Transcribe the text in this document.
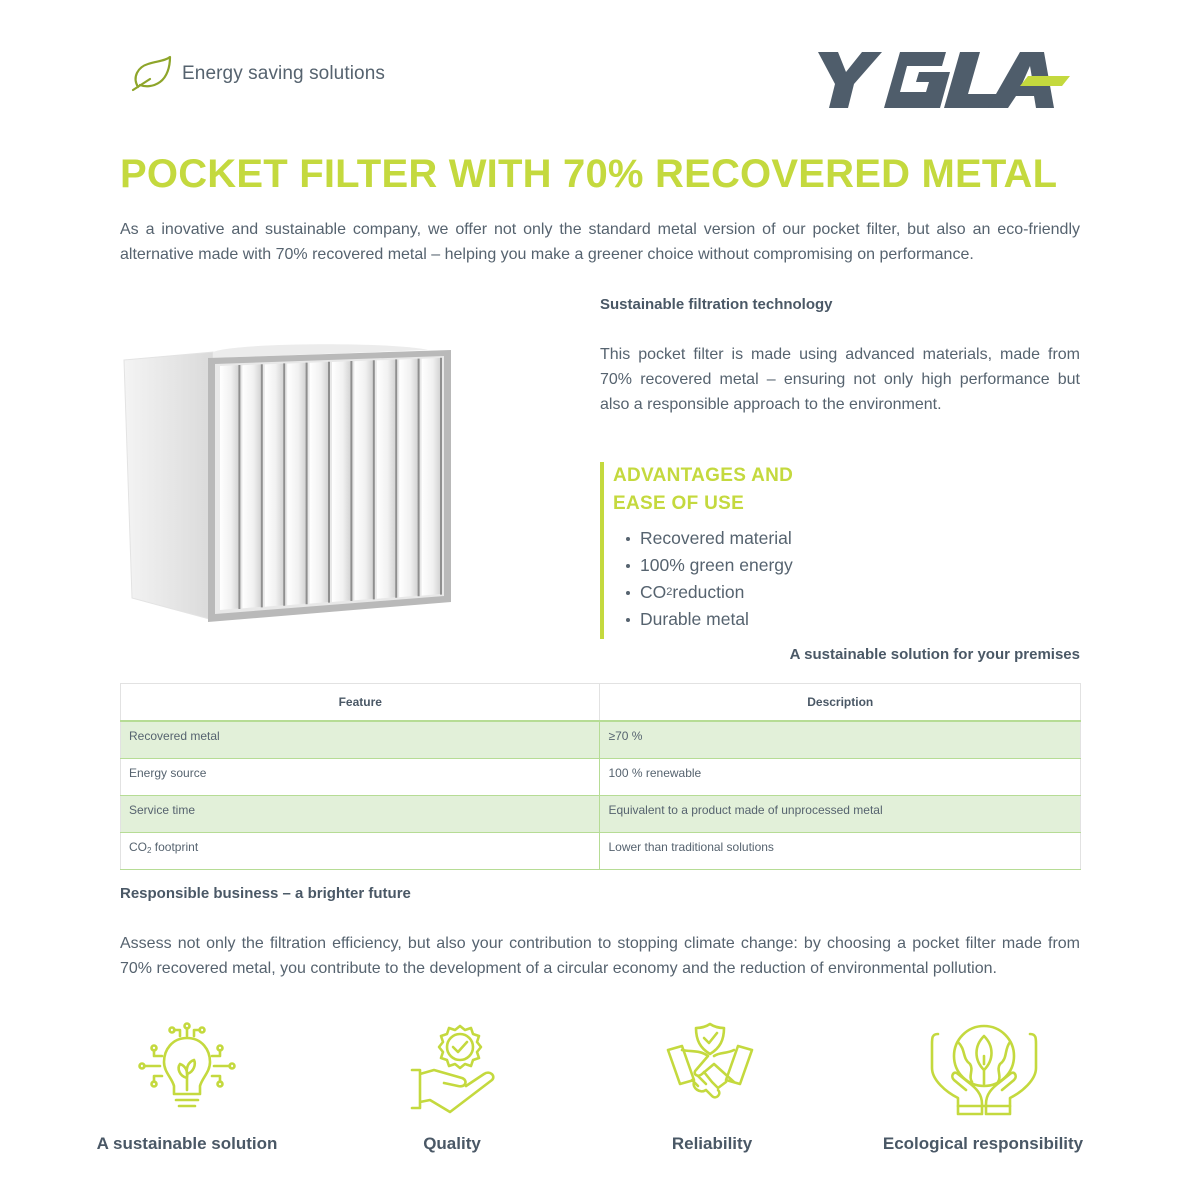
Energy saving solutions
YGLA
POCKET FILTER WITH 70% RECOVERED METAL
As a inovative and sustainable company, we offer not only the standard metal version of our pocket filter, but also an eco-friendly alternative made with 70% recovered metal – helping you make a greener choice without compromising on performance.
Sustainable filtration technology
This pocket filter is made using advanced materials, made from 70% recovered metal – ensuring not only high performance but also a responsible approach to the environment.
ADVANTAGES AND
EASE OF USE
Recovered material
100% green energy
CO 2 reduction
Durable metal
A sustainable solution for your premises
Feature	Description
Recovered metal	≥70 %
Energy source	100 % renewable
Service time	Equivalent to a product made of unprocessed metal
$CO_2$ footprint	Lower than traditional solutions
Responsible business – a brighter future
Assess not only the filtration efficiency, but also your contribution to stopping climate change: by choosing a pocket filter made from 70% recovered metal, you contribute to the development of a circular economy and the reduction of environmental pollution.
A sustainable solution	Quality	Reliability	Ecological responsibility
